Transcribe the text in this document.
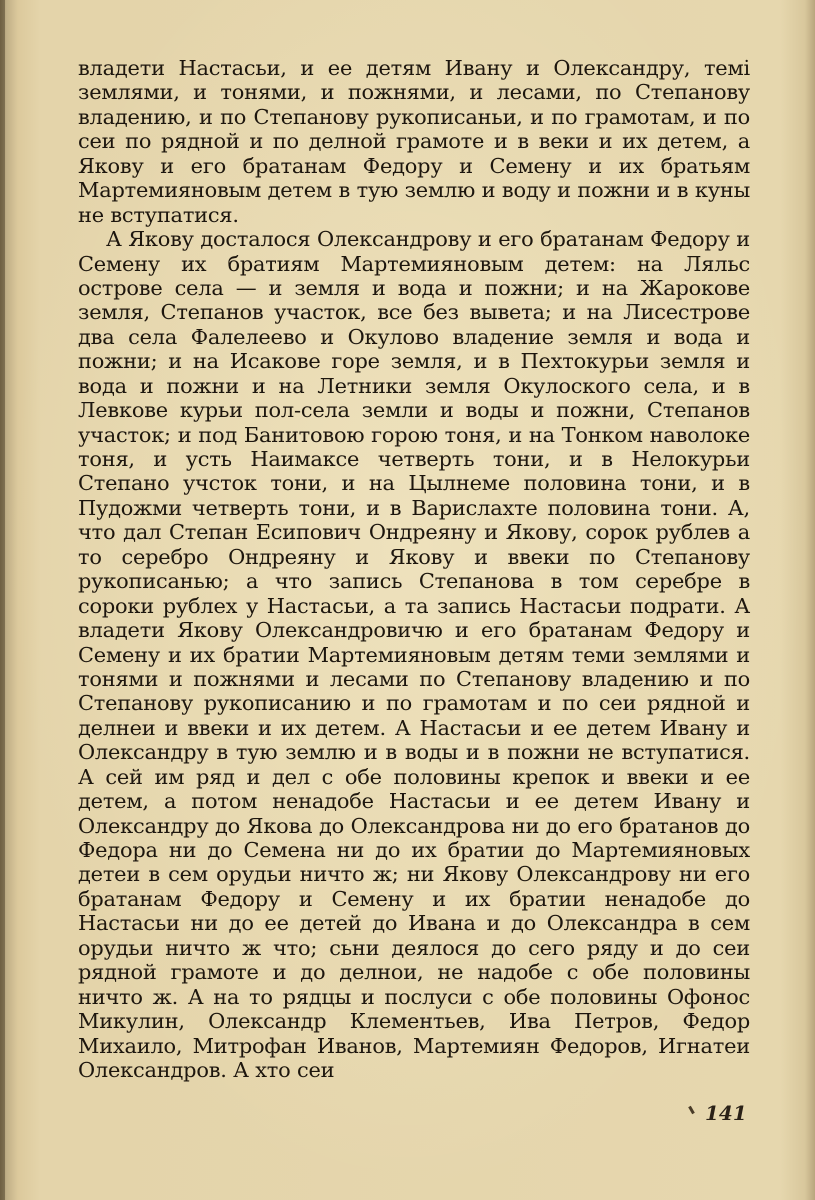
владети Настасьи, и ее детям Ивану и Олександру, темі землями, и тонями, и пожнями, и лесами, по Степанову владению, и по Степанову рукописаньи, и по грамотам, и по сеи по рядной и по делной грамоте и в веки и их детем, а Якову и его братанам Федору и Семену и их братьям Мартемияновым детем в тую землю и воду и пожни и в куны не вступатися.

А Якову досталося Олександрову и его братанам Федору и Семену их братиям Мартемияновым детем: на Ляльс острове села — и земля и вода и пожни; и на Жарокове земля, Степанов участок, все без вывета; и на Лисестрове два села Фалелеево и Окулово владение земля и вода и пожни; и на Исакове горе земля, и в Пехтокурьи земля и вода и пожни и на Летники земля Окулоского села, и в Левкове курьи пол-села земли и воды и пожни, Степанов участок; и под Банитовою горою тоня, и на Тонком наволоке тоня, и усть Наимаксе четверть тони, и в Нелокурьи Степано учсток тони, и на Цылнеме половина тони, и в Пудожми четверть тони, и в Варислахте половина тони. А, что дал Степан Есипович Ондреяну и Якову, сорок рублев а то серебро Ондреяну и Якову и ввеки по Степанову рукописанью; а что запись Степанова в том серебре в сороки рублех у Настасьи, а та запись Настасьи подрати. А владети Якову Олександровичю и его братанам Федору и Семену и их братии Мартемияновым детям теми землями и тонями и пожнями и лесами по Степанову владению и по Степанову рукописанию и по грамотам и по сеи рядной и делнеи и ввеки и их детем. А Настасьи и ее детем Ивану и Олександру в тую землю и в воды и в пожни не вступатися. А сей им ряд и дел с обе половины крепок и ввеки и ее детем, а потом ненадобе Настасьи и ее детем Ивану и Олександру до Якова до Олександрова ни до его братанов до Федора ни до Семена ни до их братии до Мартемияновых детеи в сем орудьи ничто ж; ни Якову Олександрову ни его братанам Федору и Семену и их братии ненадобе до Настасьи ни до ее детей до Ивана и до Олександра в сем орудьи ничто ж что; сьни деялося до сего ряду и до сеи рядной грамоте и до делнои, не надобе с обе половины ничто ж. А на то рядцы и послуси с обе половины Офонос Микулин, Олександр Клементьев, Ива Петров, Федор Михаило, Митрофан Иванов, Мартемиян Федоров, Игнатеи Олександров. А хто сеи

141
